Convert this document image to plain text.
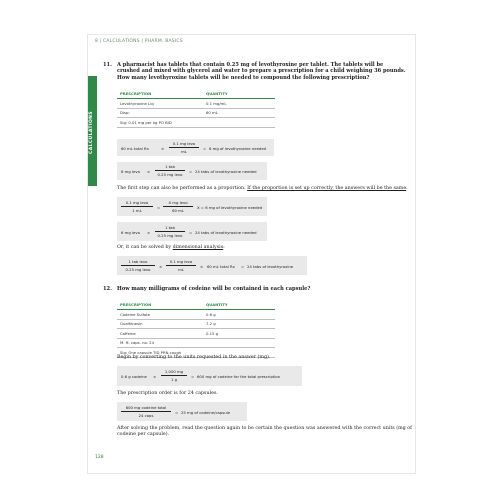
8 | CALCULATIONS | PHARM. BASICS
CALCULATIONS
11. A pharmacist has tablets that contain 0.25 mg of levothyroxine per tablet. The tablets will be crushed and mixed with glycerol and water to prepare a prescription for a child weighing 36 pounds. How many levothyroxine tablets will be needed to compound the following prescription?
PRESCRIPTION	QUANTITY
Levothyroxine Liq	0.1 mg/mL
Disp:	60 mL
Sig: 0.01 mg per kg PO BID	
60 mL total Rx	×
0.1 mg levo
mL
= 6 mg of levothyroxine needed
6 mg levo ×
1 tab
0.25 mg levo
= 24 tabs of levothyroxine needed
The first step can also be performed as a proportion. If the proportion is set up correctly, the answers will be the same.
0.1 mg levo
1 mL
=
X mg levo
60 mL
X = 6 mg of levothyroxine needed
6 mg levo ×
1 tab
0.25 mg levo
= 24 tabs of levothyroxine needed
Or, it can be solved by dimensional analysis:
1 tab levo
0.25 mg levo
×
0.1 mg levo
mL
× 60 mL total Rx = 24 tabs of levothyroxine
12. How many milligrams of codeine will be contained in each capsule?
PRESCRIPTION	QUANTITY
Codeine Sulfate	0.6 g
Guaifenesin	7.2 g
Caffeine	0.15 g
M. ft. caps. no. 24	
Sig: One capsule TID PRN cough	
Begin by converting to the units requested in the answer (mg).
0.6 g codeine × $\frac{1,000 mg}{1 g} = 600$ mg of codeine for the total prescription
The prescription order is for 24 capsules.
600 mg codeine total
24 caps
= 25 mg of codeine/capsule
After solving the problem, read the question again to be certain the question was answered with the correct units (mg of codeine per capsule).
128
